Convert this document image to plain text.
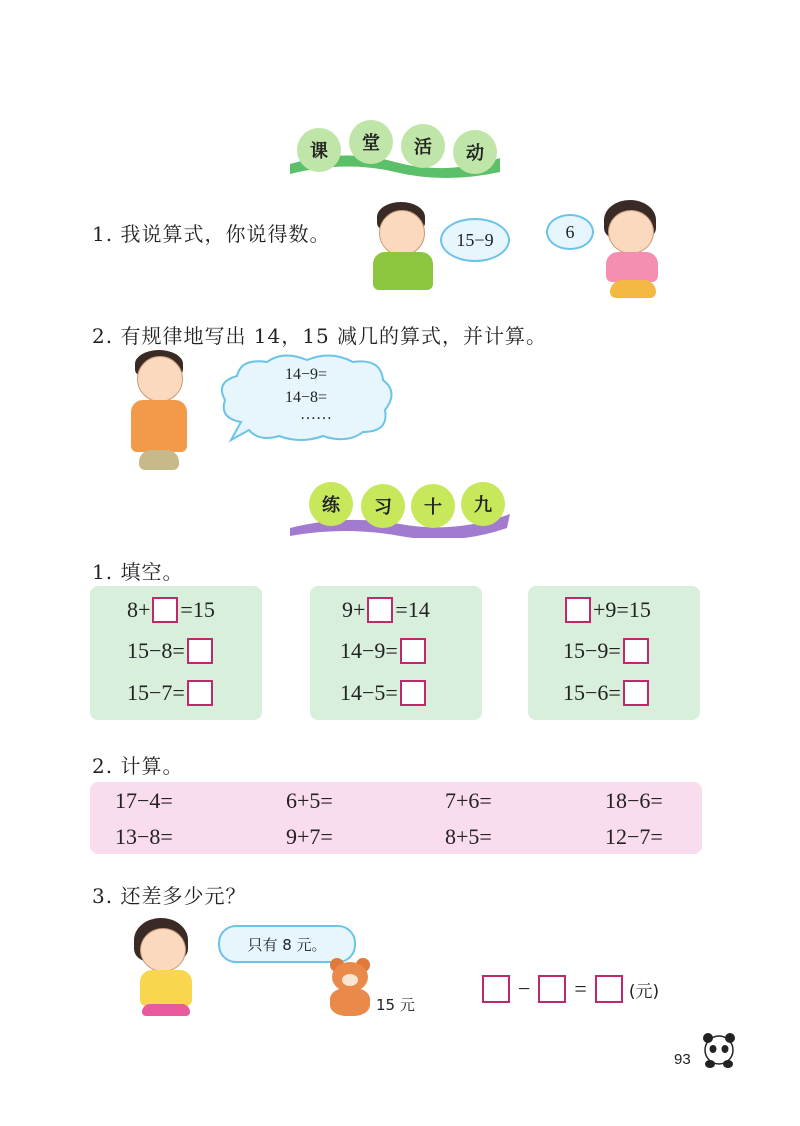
课	堂	活	动
1. 我说算式，你说得数。	15−9	6
2. 有规律地写出 14，15 减几的算式，并计算。
14−9=
14−8=
……
练	习	十	九
1. 填空。
8+ =15
15−8=
15−7=
9+ =14
14−9=
14−5=
+9=15
15−9=
15−6=
2. 计算。
17−4=	6+5=	7+6=	18−6=
13−8=	9+7=	8+5=	12−7=
3. 还差多少元？
只有 8 元。
15 元
− = (元)
93
